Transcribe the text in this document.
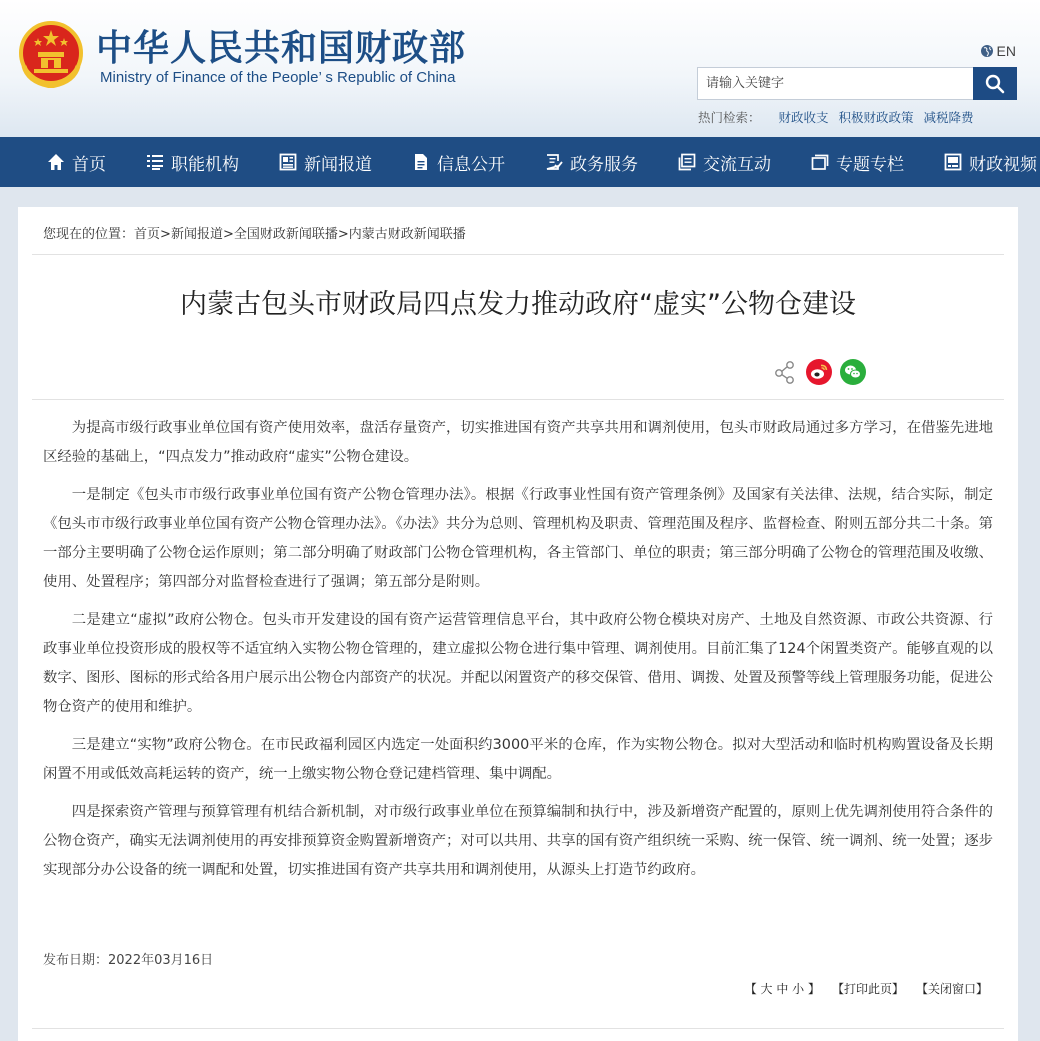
中华人民共和国财政部
Ministry of Finance of the People’ s Republic of China
EN
请输入关键字
热门检索： 财政收支 积极财政政策 减税降费
首页	职能机构	新闻报道	信息公开	政务服务	交流互动	专题专栏	财政视频
您现在的位置：首页>新闻报道>全国财政新闻联播>内蒙古财政新闻联播
内蒙古包头市财政局四点发力推动政府“虚实”公物仓建设

为提高市级行政事业单位国有资产使用效率，盘活存量资产，切实推进国有资产共享共用和调剂使用，包头市财政局通过多方学习，在借鉴先进地区经验的基础上，“四点发力”推动政府“虚实”公物仓建设。

一是制定《包头市市级行政事业单位国有资产公物仓管理办法》。根据《行政事业性国有资产管理条例》及国家有关法律、法规，结合实际，制定《包头市市级行政事业单位国有资产公物仓管理办法》。《办法》共分为总则、管理机构及职责、管理范围及程序、监督检查、附则五部分共二十条。第一部分主要明确了公物仓运作原则；第二部分明确了财政部门公物仓管理机构，各主管部门、单位的职责；第三部分明确了公物仓的管理范围及收缴、使用、处置程序；第四部分对监督检查进行了强调；第五部分是附则。

二是建立“虚拟”政府公物仓。包头市开发建设的国有资产运营管理信息平台，其中政府公物仓模块对房产、土地及自然资源、市政公共资源、行政事业单位投资形成的股权等不适宜纳入实物公物仓管理的，建立虚拟公物仓进行集中管理、调剂使用。目前汇集了124个闲置类资产。能够直观的以数字、图形、图标的形式给各用户展示出公物仓内部资产的状况。并配以闲置资产的移交保管、借用、调拨、处置及预警等线上管理服务功能，促进公物仓资产的使用和维护。

三是建立“实物”政府公物仓。在市民政福利园区内选定一处面积约3000平米的仓库，作为实物公物仓。拟对大型活动和临时机构购置设备及长期闲置不用或低效高耗运转的资产，统一上缴实物公物仓登记建档管理、集中调配。

四是探索资产管理与预算管理有机结合新机制，对市级行政事业单位在预算编制和执行中，涉及新增资产配置的，原则上优先调剂使用符合条件的公物仓资产，确实无法调剂使用的再安排预算资金购置新增资产；对可以共用、共享的国有资产组织统一采购、统一保管、统一调剂、统一处置；逐步实现部分办公设备的统一调配和处置，切实推进国有资产共享共用和调剂使用，从源头上打造节约政府。

发布日期：2022年03月16日
【 大 中 小 】 【打印此页】 【关闭窗口】
